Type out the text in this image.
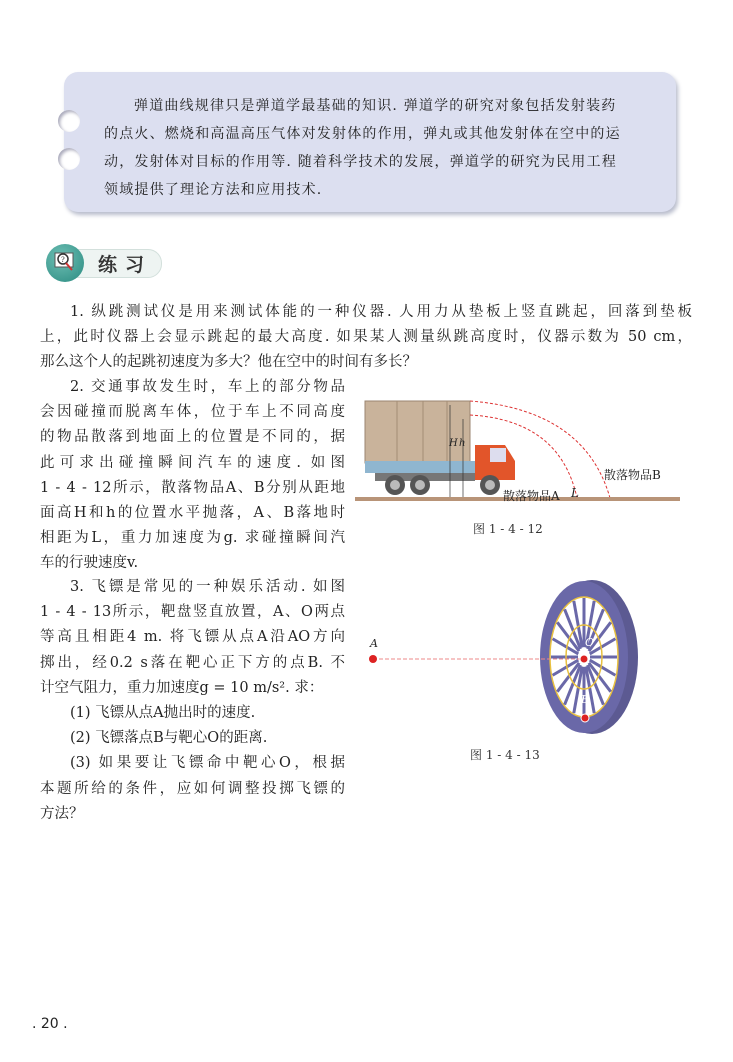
弹道曲线规律只是弹道学最基础的知识. 弹道学的研究对象包括发射装药
的点火、燃烧和高温高压气体对发射体的作用，弹丸或其他发射体在空中的运
动，发射体对目标的作用等. 随着科学技术的发展，弹道学的研究为民用工程
领域提供了理论方法和应用技术.
? 练习
1. 纵跳测试仪是用来测试体能的一种仪器. 人用力从垫板上竖直跳起，回落到垫板
上，此时仪器上会显示跳起的最大高度. 如果某人测量纵跳高度时，仪器示数为 50 cm，
那么这个人的起跳初速度为多大？他在空中的时间有多长？
2. 交通事故发生时，车上的部分物品
会因碰撞而脱离车体，位于车上不同高度
的物品散落到地面上的位置是不同的，据
此可求出碰撞瞬间汽车的速度. 如图
1 - 4 - 12所示，散落物品A、B分别从距地
面高H和h的位置水平抛落，A、B落地时
相距为L，重力加速度为g. 求碰撞瞬间汽
车的行驶速度v.
3. 飞镖是常见的一种娱乐活动. 如图
1 - 4 - 13所示，靶盘竖直放置，A、O两点
等高且相距4 m. 将飞镖从点A沿AO方向
掷出，经0.2 s落在靶心正下方的点B. 不
计空气阻力，重力加速度g = 10 m/s². 求：
(1) 飞镖从点A抛出时的速度.
(2) 飞镖落点B与靶心O的距离.
(3) 如果要让飞镖命中靶心O，根据
本题所给的条件，应如何调整投掷飞镖的
方法？
H h
散落物品B
散落物品A L
图 1 - 4 - 12
A	O
B
图 1 - 4 - 13
. 20 .
